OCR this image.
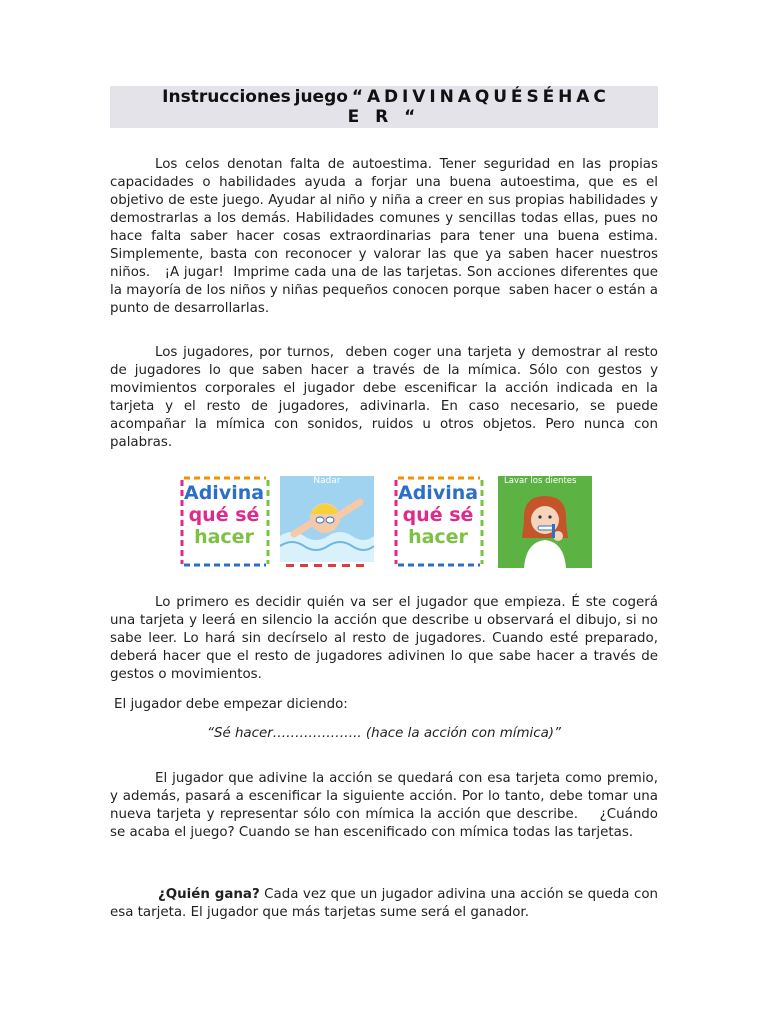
Instrucciones juego “ A D I V I N A Q U É S É H A C
E R “

Los celos denotan falta de autoestima. Tener seguridad en las propias capacidades o habilidades ayuda a forjar una buena autoestima, que es el objetivo de este juego. Ayudar al niño y niña a creer en sus propias habilidades y demostrarlas a los demás. Habilidades comunes y sencillas todas ellas, pues no hace falta saber hacer cosas extraordinarias para tener una buena estima. Simplemente, basta con reconocer y valorar las que ya saben hacer nuestros niños.   ¡A jugar!  Imprime cada una de las tarjetas. Son acciones diferentes que la mayoría de los niños y niñas pequeños conocen porque  saben hacer o están a punto de desarrollarlas.

Los jugadores, por turnos,  deben coger una tarjeta y demostrar al resto de jugadores lo que saben hacer a través de la mímica. Sólo con gestos y movimientos corporales el jugador debe escenificar la acción indicada en la tarjeta y el resto de jugadores, adivinarla. En caso necesario, se puede acompañar la mímica con sonidos, ruidos u otros objetos. Pero nunca con palabras.

Adivina
qué sé
hacer
Nadar
Adivina
qué sé
hacer
Lavar los dientes

Lo primero es decidir quién va ser el jugador que empieza. É ste cogerá una tarjeta y leerá en silencio la acción que describe u observará el dibujo, si no sabe leer. Lo hará sin decírselo al resto de jugadores. Cuando esté preparado, deberá hacer que el resto de jugadores adivinen lo que sabe hacer a través de gestos o movimientos.

El jugador debe empezar diciendo:

“Sé hacer……………….. (hace la acción con mímica)”

El jugador que adivine la acción se quedará con esa tarjeta como premio, y además, pasará a escenificar la siguiente acción. Por lo tanto, debe tomar una nueva tarjeta y representar sólo con mímica la acción que describe.    ¿Cuándo se acaba el juego? Cuando se han escenificado con mímica todas las tarjetas.

¿Quién gana? Cada vez que un jugador adivina una acción se queda con esa tarjeta. El jugador que más tarjetas sume será el ganador.
